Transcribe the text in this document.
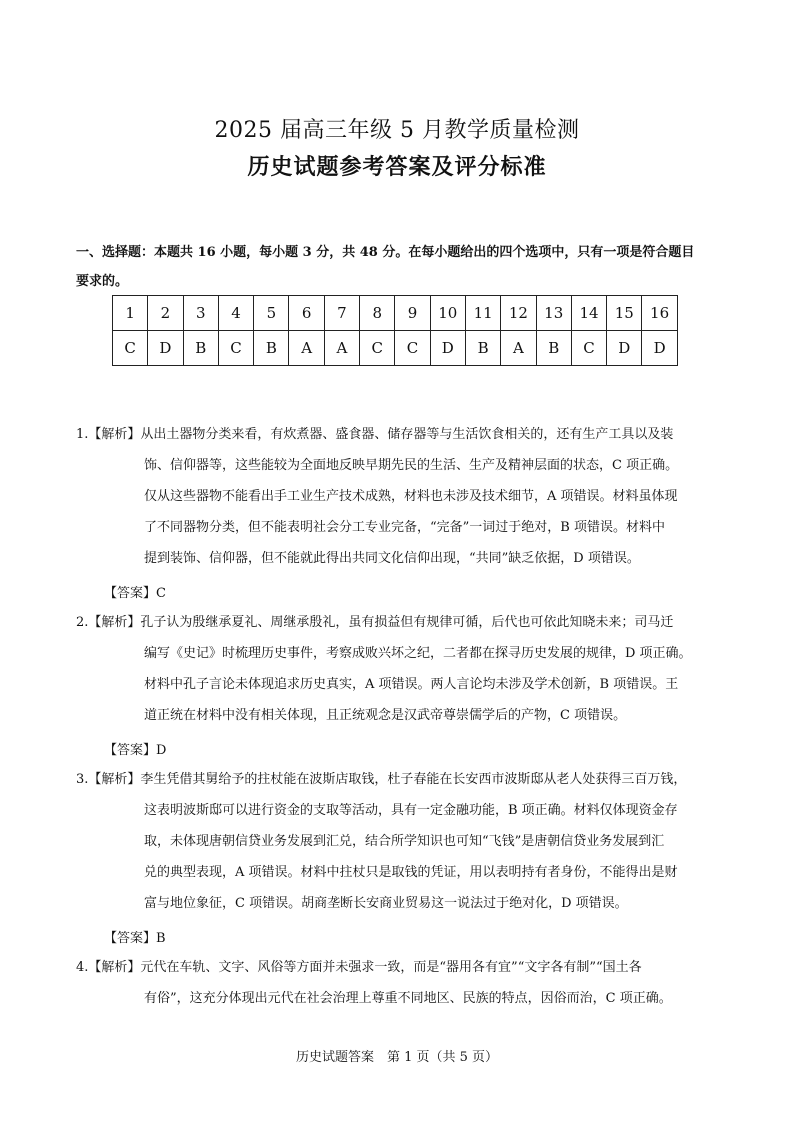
2025 届高三年级 5 月教学质量检测
历史试题参考答案及评分标准
一、选择题：本题共 16 小题，每小题 3 分，共 48 分。在每小题给出的四个选项中，只有一项是符合题目
要求的。
1	2	3	4	5	6	7	8	9	10	11	12	13	14	15	16
C	D	B	C	B	A	A	C	C	D	B	A	B	C	D	D
1.【解析】从出土器物分类来看，有炊煮器、盛食器、储存器等与生活饮食相关的，还有生产工具以及装
饰、信仰器等，这些能较为全面地反映早期先民的生活、生产及精神层面的状态，C 项正确。
仅从这些器物不能看出手工业生产技术成熟，材料也未涉及技术细节，A 项错误。材料虽体现
了不同器物分类，但不能表明社会分工专业完备，“完备”一词过于绝对，B 项错误。材料中
提到装饰、信仰器，但不能就此得出共同文化信仰出现，“共同”缺乏依据，D 项错误。
【答案】C
2.【解析】孔子认为殷继承夏礼、周继承殷礼，虽有损益但有规律可循，后代也可依此知晓未来；司马迁
编写《史记》时梳理历史事件，考察成败兴坏之纪，二者都在探寻历史发展的规律，D 项正确。
材料中孔子言论未体现追求历史真实，A 项错误。两人言论均未涉及学术创新，B 项错误。王
道正统在材料中没有相关体现，且正统观念是汉武帝尊崇儒学后的产物，C 项错误。
【答案】D
3.【解析】李生凭借其舅给予的拄杖能在波斯店取钱，杜子春能在长安西市波斯邸从老人处获得三百万钱，
这表明波斯邸可以进行资金的支取等活动，具有一定金融功能，B 项正确。材料仅体现资金存
取，未体现唐朝信贷业务发展到汇兑，结合所学知识也可知“飞钱”是唐朝信贷业务发展到汇
兑的典型表现，A 项错误。材料中拄杖只是取钱的凭证，用以表明持有者身份，不能得出是财
富与地位象征，C 项错误。胡商垄断长安商业贸易这一说法过于绝对化，D 项错误。
【答案】B
4.【解析】元代在车轨、文字、风俗等方面并未强求一致，而是“器用各有宜”“文字各有制”“国土各
有俗”，这充分体现出元代在社会治理上尊重不同地区、民族的特点，因俗而治，C 项正确。
历史试题答案　第 1 页（共 5 页）
